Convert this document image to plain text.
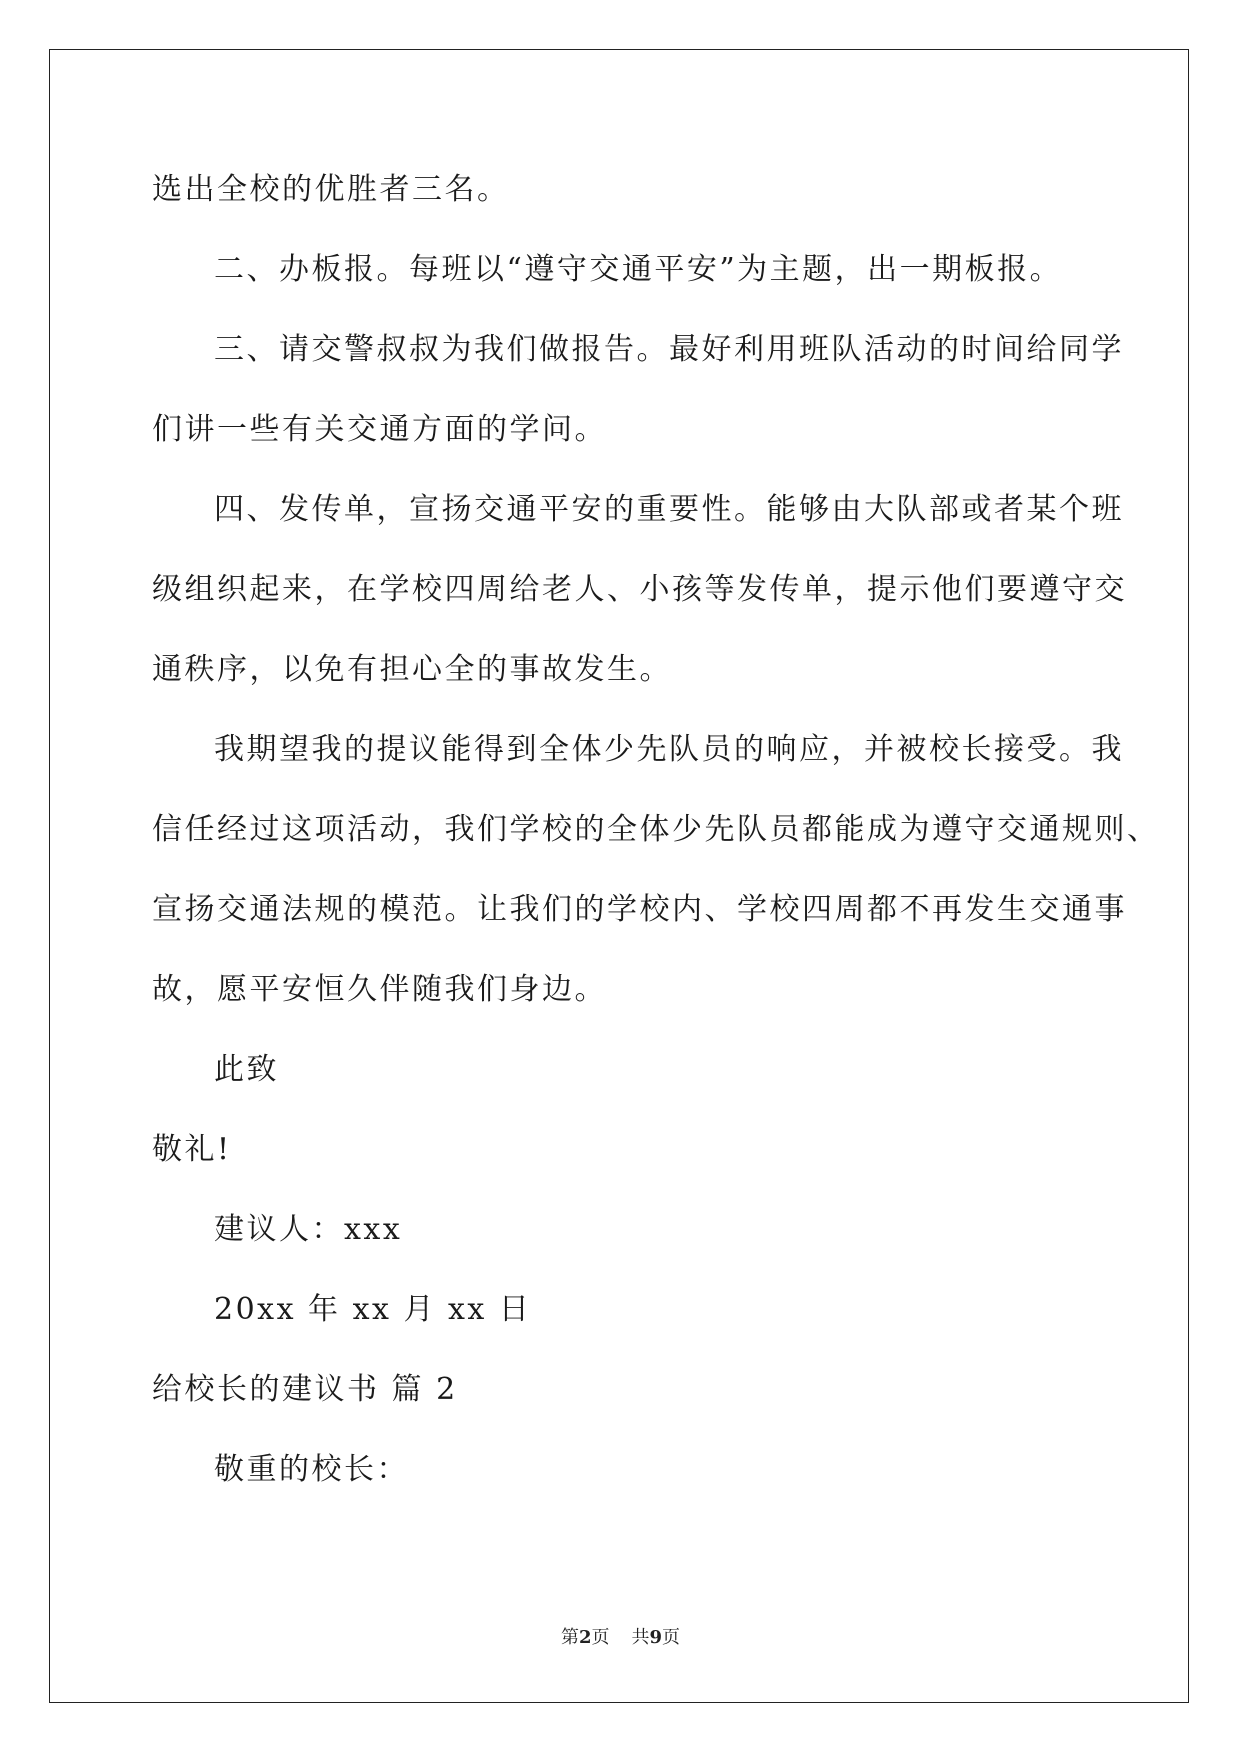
选出全校的优胜者三名。
二、办板报。每班以“遵守交通平安”为主题，出一期板报。
三、请交警叔叔为我们做报告。最好利用班队活动的时间给同学
们讲一些有关交通方面的学问。
四、发传单，宣扬交通平安的重要性。能够由大队部或者某个班
级组织起来，在学校四周给老人、小孩等发传单，提示他们要遵守交
通秩序，以免有担心全的事故发生。
我期望我的提议能得到全体少先队员的响应，并被校长接受。我
信任经过这项活动，我们学校的全体少先队员都能成为遵守交通规则、
宣扬交通法规的模范。让我们的学校内、学校四周都不再发生交通事
故，愿平安恒久伴随我们身边。
此致
敬礼!
建议人：xxx
20xx 年 xx 月 xx 日
给校长的建议书 篇 2
敬重的校长：
第2页 共9页
